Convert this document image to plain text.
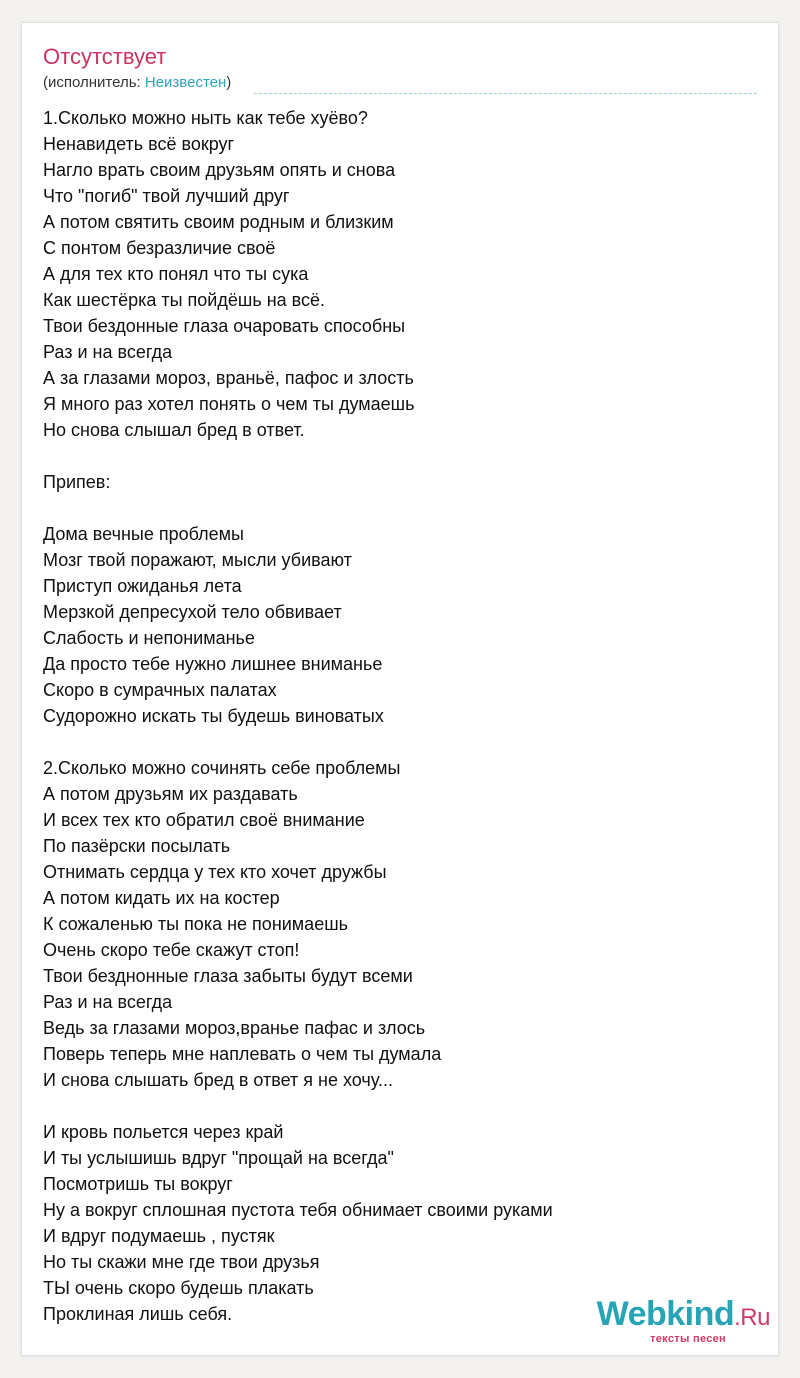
Отсутствует
(исполнитель: Неизвестен)
1.Сколько можно ныть как тебе хуёво?
Ненавидеть всё вокруг
Нагло врать своим друзьям опять и снова
Что "погиб" твой лучший друг
А потом святить своим родным и близким
С понтом безразличие своё
А для тех кто понял что ты сука
Как шестёрка ты пойдёшь на всё.
Твои бездонные глаза очаровать способны
Раз и на всегда
А за глазами мороз, враньё, пафос и злость
Я много раз хотел понять о чем ты думаешь
Но снова слышал бред в ответ.
Припев:
Дома вечные проблемы
Мозг твой поражают, мысли убивают
Приступ ожиданья лета
Мерзкой депресухой тело обвивает
Слабость и непониманье
Да просто тебе нужно лишнее вниманье
Скоро в сумрачных палатах
Судорожно искать ты будешь виноватых
2.Сколько можно сочинять себе проблемы
А потом друзьям их раздавать
И всех тех кто обратил своё внимание
По пазёрски посылать
Отнимать сердца у тех кто хочет дружбы
А потом кидать их на костер
К сожаленью ты пока не понимаешь
Очень скоро тебе скажут стоп!
Твои безднонные глаза забыты будут всеми
Раз и на всегда
Ведь за глазами мороз,вранье пафас и злось
Поверь теперь мне наплевать о чем ты думала
И снова слышать бред в ответ я не хочу...
И кровь польется через край
И ты услышишь вдруг "прощай на всегда"
Посмотришь ты вокруг
Ну а вокруг сплошная пустота тебя обнимает своими руками
И вдруг подумаешь , пустяк
Но ты скажи мне где твои друзья
ТЫ очень скоро будешь плакать
Проклиная лишь себя.	Webkind.Ru
тексты песен
